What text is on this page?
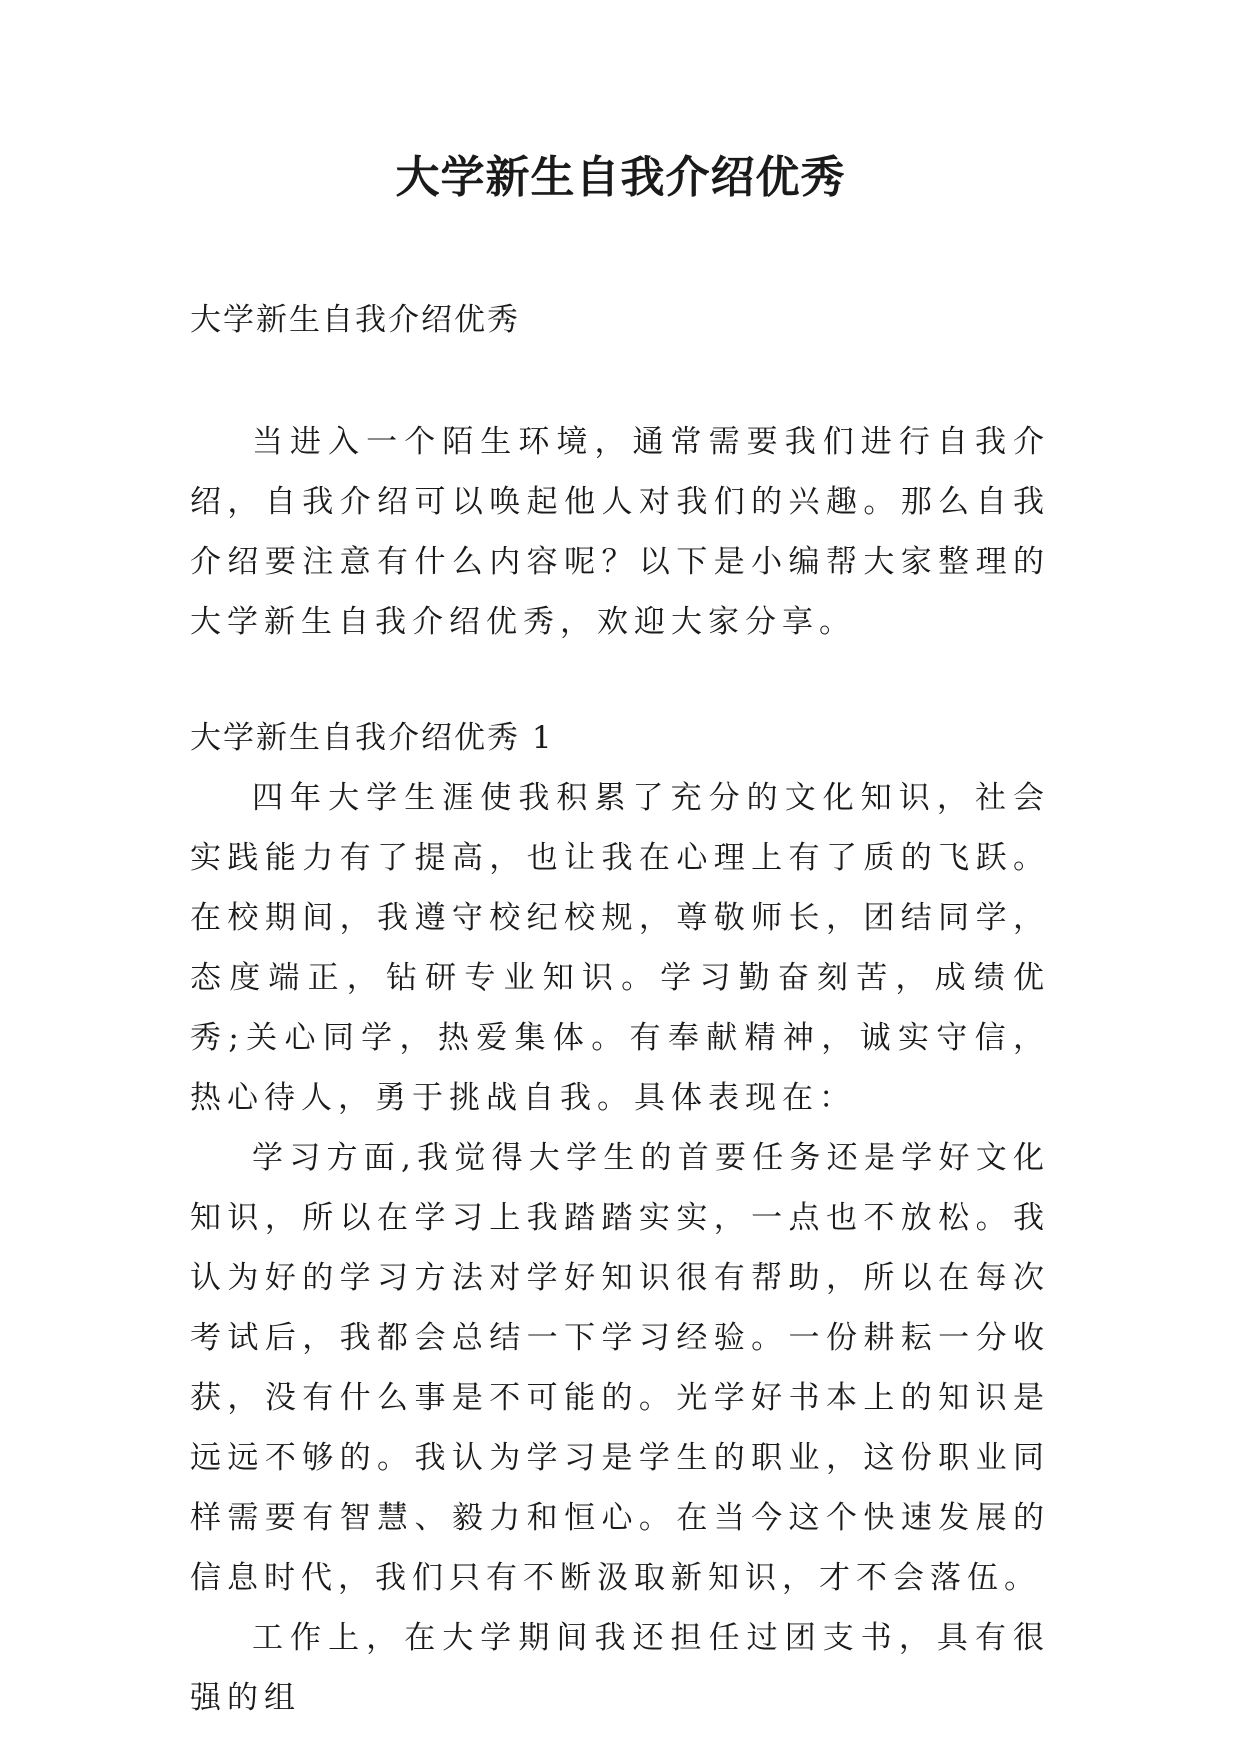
大学新生自我介绍优秀

大学新生自我介绍优秀

当进入一个陌生环境，通常需要我们进行自我介绍，自我介绍可以唤起他人对我们的兴趣。那么自我介绍要注意有什么内容呢？以下是小编帮大家整理的大学新生自我介绍优秀，欢迎大家分享。

大学新生自我介绍优秀 1

四年大学生涯使我积累了充分的文化知识，社会实践能力有了提高，也让我在心理上有了质的飞跃。在校期间，我遵守校纪校规，尊敬师长，团结同学，态度端正，钻研专业知识。学习勤奋刻苦，成绩优秀;关心同学，热爱集体。有奉献精神，诚实守信，热心待人，勇于挑战自我。具体表现在：

学习方面,我觉得大学生的首要任务还是学好文化知识，所以在学习上我踏踏实实，一点也不放松。我认为好的学习方法对学好知识很有帮助，所以在每次考试后，我都会总结一下学习经验。一份耕耘一分收获，没有什么事是不可能的。光学好书本上的知识是远远不够的。我认为学习是学生的职业，这份职业同样需要有智慧、毅力和恒心。在当今这个快速发展的信息时代，我们只有不断汲取新知识，才不会落伍。

工作上，在大学期间我还担任过团支书，具有很强的组
